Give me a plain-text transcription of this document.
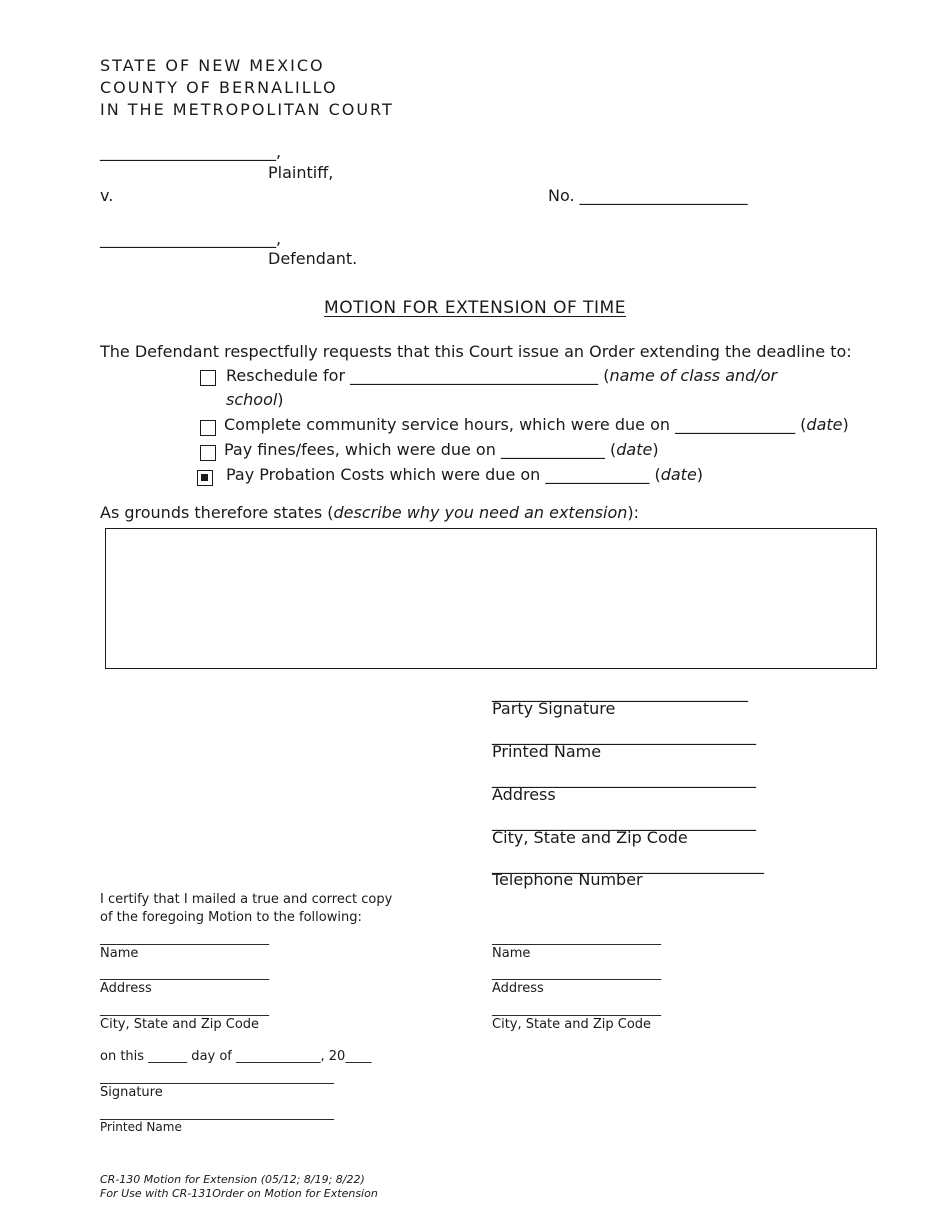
STATE OF NEW MEXICO
COUNTY OF BERNALILLO
IN THE METROPOLITAN COURT
______________________,
Plaintiff,
v.	No. _____________________
______________________,
Defendant.
MOTION FOR EXTENSION OF TIME
The Defendant respectfully requests that this Court issue an Order extending the deadline to:
Reschedule for _______________________________ (name of class and/or
school)
Complete community service hours, which were due on _______________ (date)
Pay fines/fees, which were due on _____________ (date)
Pay Probation Costs which were due on _____________ (date)
As grounds therefore states (describe why you need an extension):
________________________________
Party Signature
_________________________________
Printed Name
_________________________________
Address
_________________________________
City, State and Zip Code
__________________________________
Telephone Number
I certify that I mailed a true and correct copy
of the foregoing Motion to the following:
__________________________
Name
__________________________
Address
__________________________
City, State and Zip Code
__________________________
Name
__________________________
Address
__________________________
City, State and Zip Code
on this ______ day of _____________, 20____
____________________________________
Signature
____________________________________
Printed Name
CR-130 Motion for Extension (05/12; 8/19; 8/22)
For Use with CR-131Order on Motion for Extension
